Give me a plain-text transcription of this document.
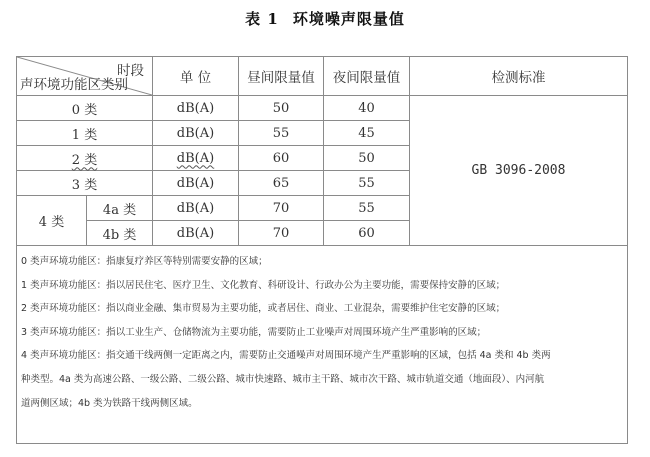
表 1 环境噪声限量值
时段
声环境功能区类别		单 位	昼间限量值	夜间限量值	检测标准
0 类		dB(A)	50	40	GB 3096-2008
1 类		dB(A)	55	45	
2 类		dB(A)	60	50	
3 类		dB(A)	65	55	
4 类	4a 类	dB(A)	70	55	
	4b 类	dB(A)	70	60	

0 类声环境功能区：指康复疗养区等特别需要安静的区域；

1 类声环境功能区：指以居民住宅、医疗卫生、文化教育、科研设计、行政办公为主要功能，需要保持安静的区域；

2 类声环境功能区：指以商业金融、集市贸易为主要功能，或者居住、商业、工业混杂，需要维护住宅安静的区域；

3 类声环境功能区：指以工业生产、仓储物流为主要功能，需要防止工业噪声对周围环境产生严重影响的区域；

4 类声环境功能区：指交通干线两侧一定距离之内，需要防止交通噪声对周围环境产生严重影响的区域，包括 4a 类和 4b 类两

种类型。4a 类为高速公路、一级公路、二级公路、城市快速路、城市主干路、城市次干路、城市轨道交通（地面段）、内河航

道两侧区域；4b 类为铁路干线两侧区域。
